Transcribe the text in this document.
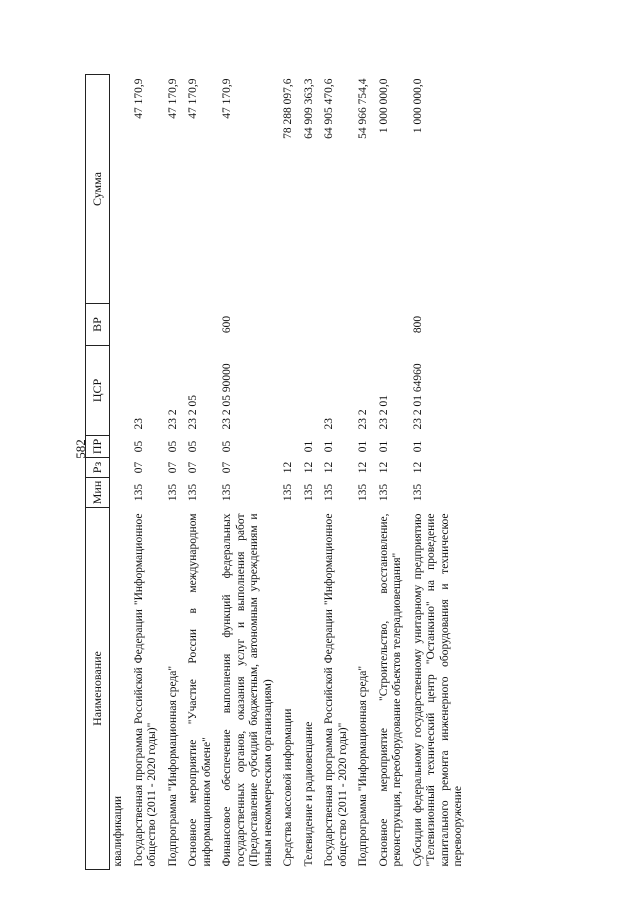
582
Наименование	Мин	Рз	ПР	ЦСР	ВР	Сумма
квалификации						
Государственная программа Российской Федерации "Информационное общество (2011 - 2020 годы)"	135	07	05	23		47 170,9
Подпрограмма "Информационная среда"	135	07	05	23 2		47 170,9
Основное мероприятие "Участие России в международном информационном обмене"	135	07	05	23 2 05		47 170,9
Финансовое обеспечение выполнения функций федеральных государственных органов, оказания услуг и выполнения работ (Предоставление субсидий бюджетным, автономным учреждениям и иным некоммерческим организациям)	135	07	05	23 2 05 90000	600	47 170,9
Средства массовой информации	135	12				78 288 097,6
Телевидение и радиовещание	135	12	01			64 909 363,3
Государственная программа Российской Федерации "Информационное общество (2011 - 2020 годы)"	135	12	01	23		64 905 470,6
Подпрограмма "Информационная среда"	135	12	01	23 2		54 966 754,4
Основное мероприятие "Строительство, восстановление, реконструкция, переоборудование объектов телерадиовещания"	135	12	01	23 2 01		1 000 000,0
Субсидии федеральному государственному унитарному предприятию "Телевизионный технический центр "Останкино" на проведение капитального ремонта инженерного оборудования и техническое перевооружение	135	12	01	23 2 01 64960	800	1 000 000,0
